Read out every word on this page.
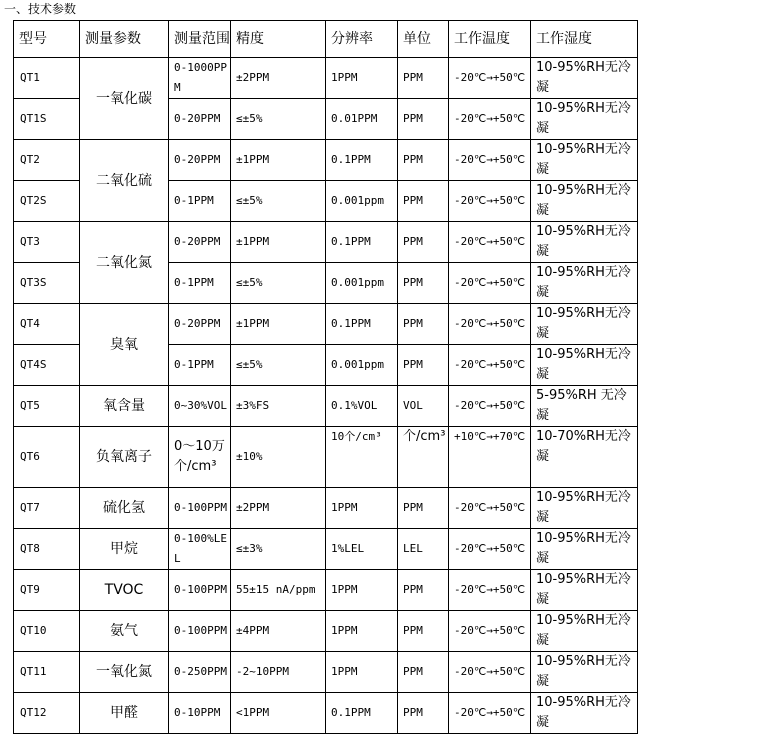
一、技术参数
型号	测量参数	测量范围	精度	分辨率	单位	工作温度	工作湿度
QT1	一氧化碳	0-1000PPM	±2PPM	1PPM	PPM	-20℃→+50℃	10-95%RH无冷凝
QT1S		0-20PPM	≤±5%	0.01PPM	PPM	-20℃→+50℃	10-95%RH无冷凝
QT2	二氧化硫	0-20PPM	±1PPM	0.1PPM	PPM	-20℃→+50℃	10-95%RH无冷凝
QT2S		0-1PPM	≤±5%	0.001ppm	PPM	-20℃→+50℃	10-95%RH无冷凝
QT3	二氧化氮	0-20PPM	±1PPM	0.1PPM	PPM	-20℃→+50℃	10-95%RH无冷凝
QT3S		0-1PPM	≤±5%	0.001ppm	PPM	-20℃→+50℃	10-95%RH无冷凝
QT4	臭氧	0-20PPM	±1PPM	0.1PPM	PPM	-20℃→+50℃	10-95%RH无冷凝
QT4S		0-1PPM	≤±5%	0.001ppm	PPM	-20℃→+50℃	10-95%RH无冷凝
QT5	氧含量	0~30%VOL	±3%FS	0.1%VOL	VOL	-20℃→+50℃	5-95%RH 无冷凝
QT6	负氧离子	0～10万 个/cm³	±10%	10个/cm³	个/cm³	+10℃→+70℃	10-70%RH无冷凝
QT7	硫化氢	0-100PPM	±2PPM	1PPM	PPM	-20℃→+50℃	10-95%RH无冷凝
QT8	甲烷	0-100%LEL	≤±3%	1%LEL	LEL	-20℃→+50℃	10-95%RH无冷凝
QT9	TVOC	0-100PPM	55±15 nA/ppm	1PPM	PPM	-20℃→+50℃	10-95%RH无冷凝
QT10	氨气	0-100PPM	±4PPM	1PPM	PPM	-20℃→+50℃	10-95%RH无冷凝
QT11	一氧化氮	0-250PPM	-2~10PPM	1PPM	PPM	-20℃→+50℃	10-95%RH无冷凝
QT12	甲醛	0-10PPM	<1PPM	0.1PPM	PPM	-20℃→+50℃	10-95%RH无冷凝
